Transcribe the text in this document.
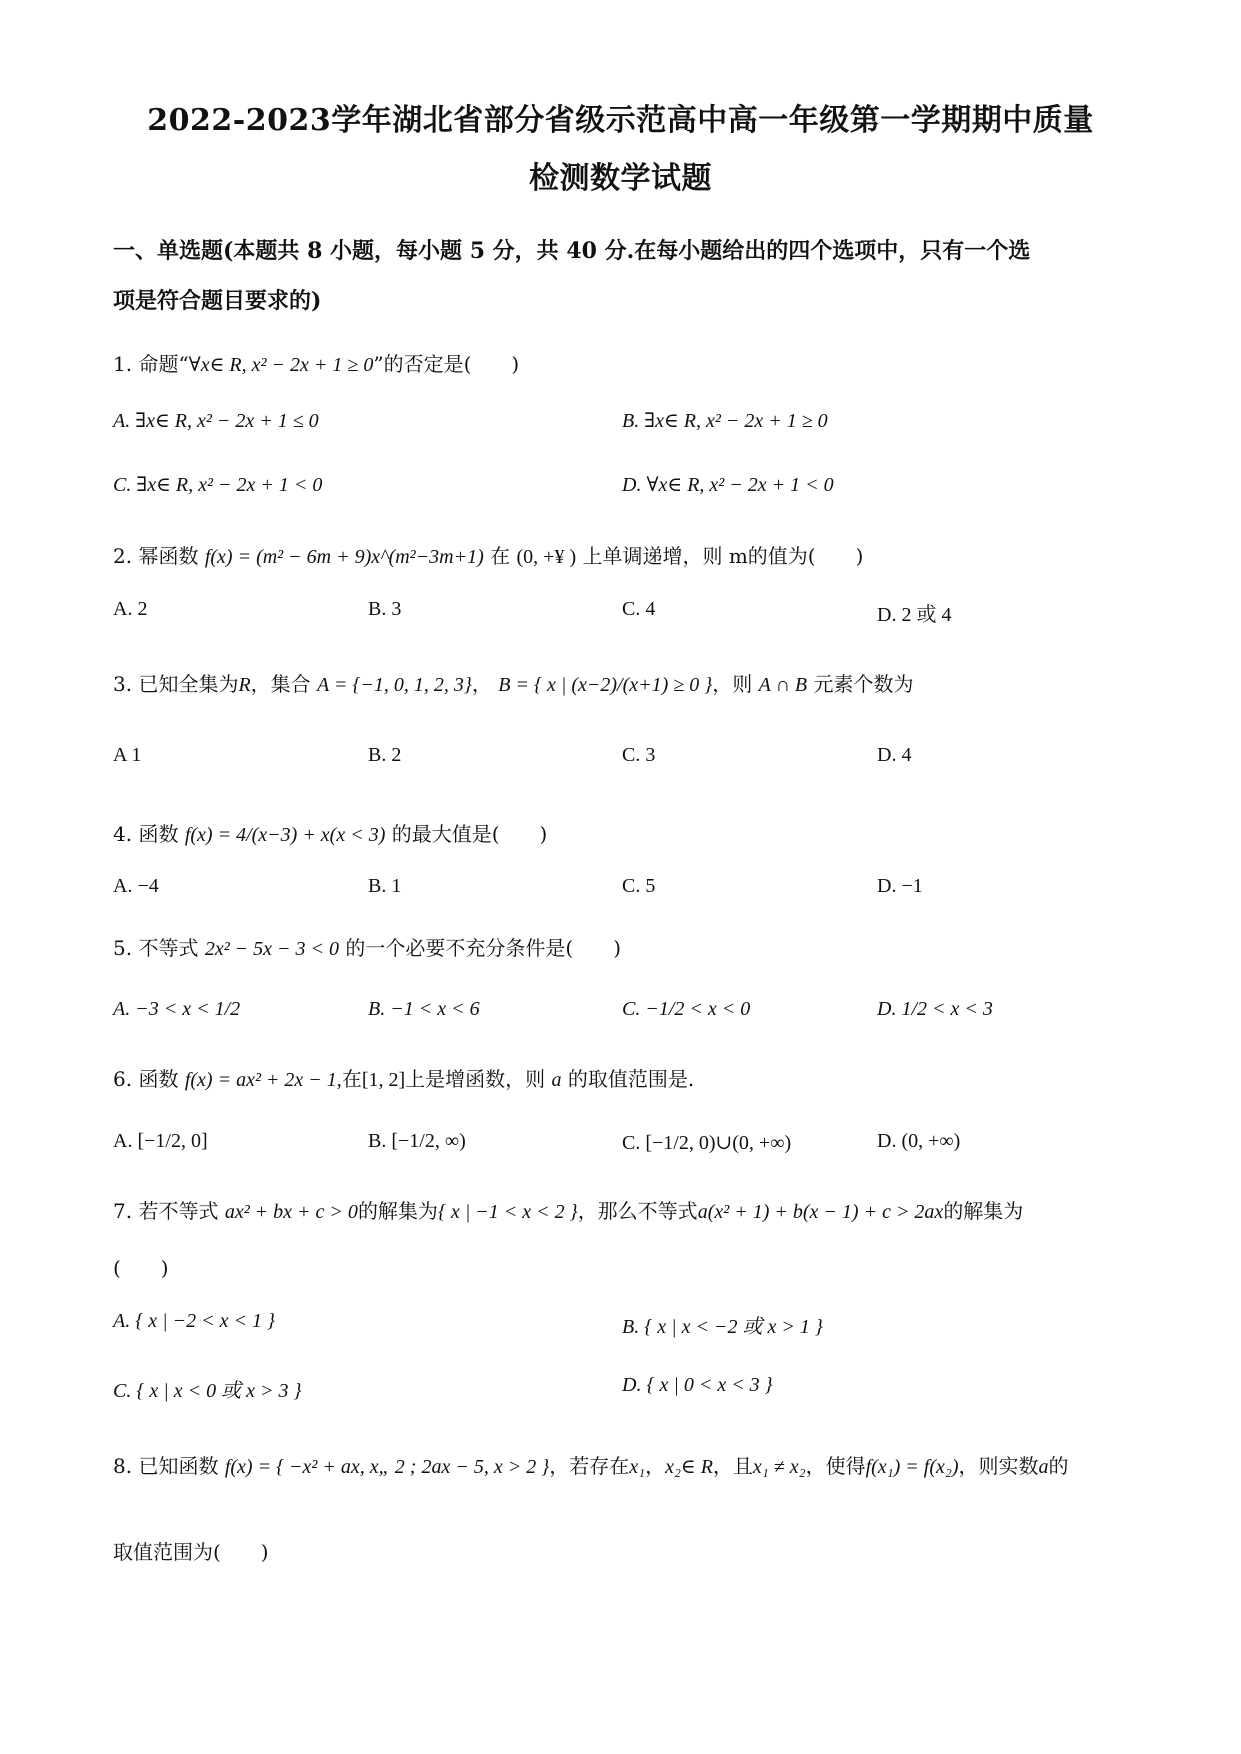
2022-2023学年湖北省部分省级示范高中高一年级第一学期期中质量
检测数学试题
一、单选题(本题共 8 小题，每小题 5 分，共 40 分.在每小题给出的四个选项中，只有一个选
项是符合题目要求的)
1. 命题“∀x∈ R, x² − 2x + 1 ≥ 0”的否定是(　　)
A. ∃x∈ R, x² − 2x + 1 ≤ 0	B. ∃x∈ R, x² − 2x + 1 ≥ 0
C. ∃x∈ R, x² − 2x + 1 < 0	D. ∀x∈ R, x² − 2x + 1 < 0
2. 幂函数 f(x) = (m² − 6m + 9)x^(m²−3m+1) 在 (0, +¥ ) 上单调递增，则 m的值为(　　)
A. 2	B. 3	C. 4	D. 2 或 4
3. 已知全集为R，集合 A = {−1, 0, 1, 2, 3}， B = { x | (x−2)/(x+1) ≥ 0 }，则 A ∩ B 元素个数为
A 1	B. 2	C. 3	D. 4
4. 函数 f(x) = 4/(x−3) + x(x < 3) 的最大值是(　　)
A. −4	B. 1	C. 5	D. −1
5. 不等式 2x² − 5x − 3 < 0 的一个必要不充分条件是(　　)
A. −3 < x < 1/2	B. −1 < x < 6	C. −1/2 < x < 0	D. 1/2 < x < 3
6. 函数 f(x) = ax² + 2x − 1,在[1, 2]上是增函数，则 a 的取值范围是.
A. [−1/2, 0]	B. [−1/2, ∞)	C. [−1/2, 0)∪(0, +∞)	D. (0, +∞)
7. 若不等式 ax² + bx + c > 0的解集为{ x | −1 < x < 2 }，那么不等式a(x² + 1) + b(x − 1) + c > 2ax的解集为
(　　)
A. { x | −2 < x < 1 }	B. { x | x < −2 或 x > 1 }
C. { x | x < 0 或 x > 3 }	D. { x | 0 < x < 3 }
8. 已知函数 f(x) = { −x² + ax, x„ 2 ; 2ax − 5, x > 2 }，若存在x₁，x₂∈ R，且x₁ ≠ x₂，使得f(x₁) = f(x₂)，则实数a的
取值范围为(　　)
